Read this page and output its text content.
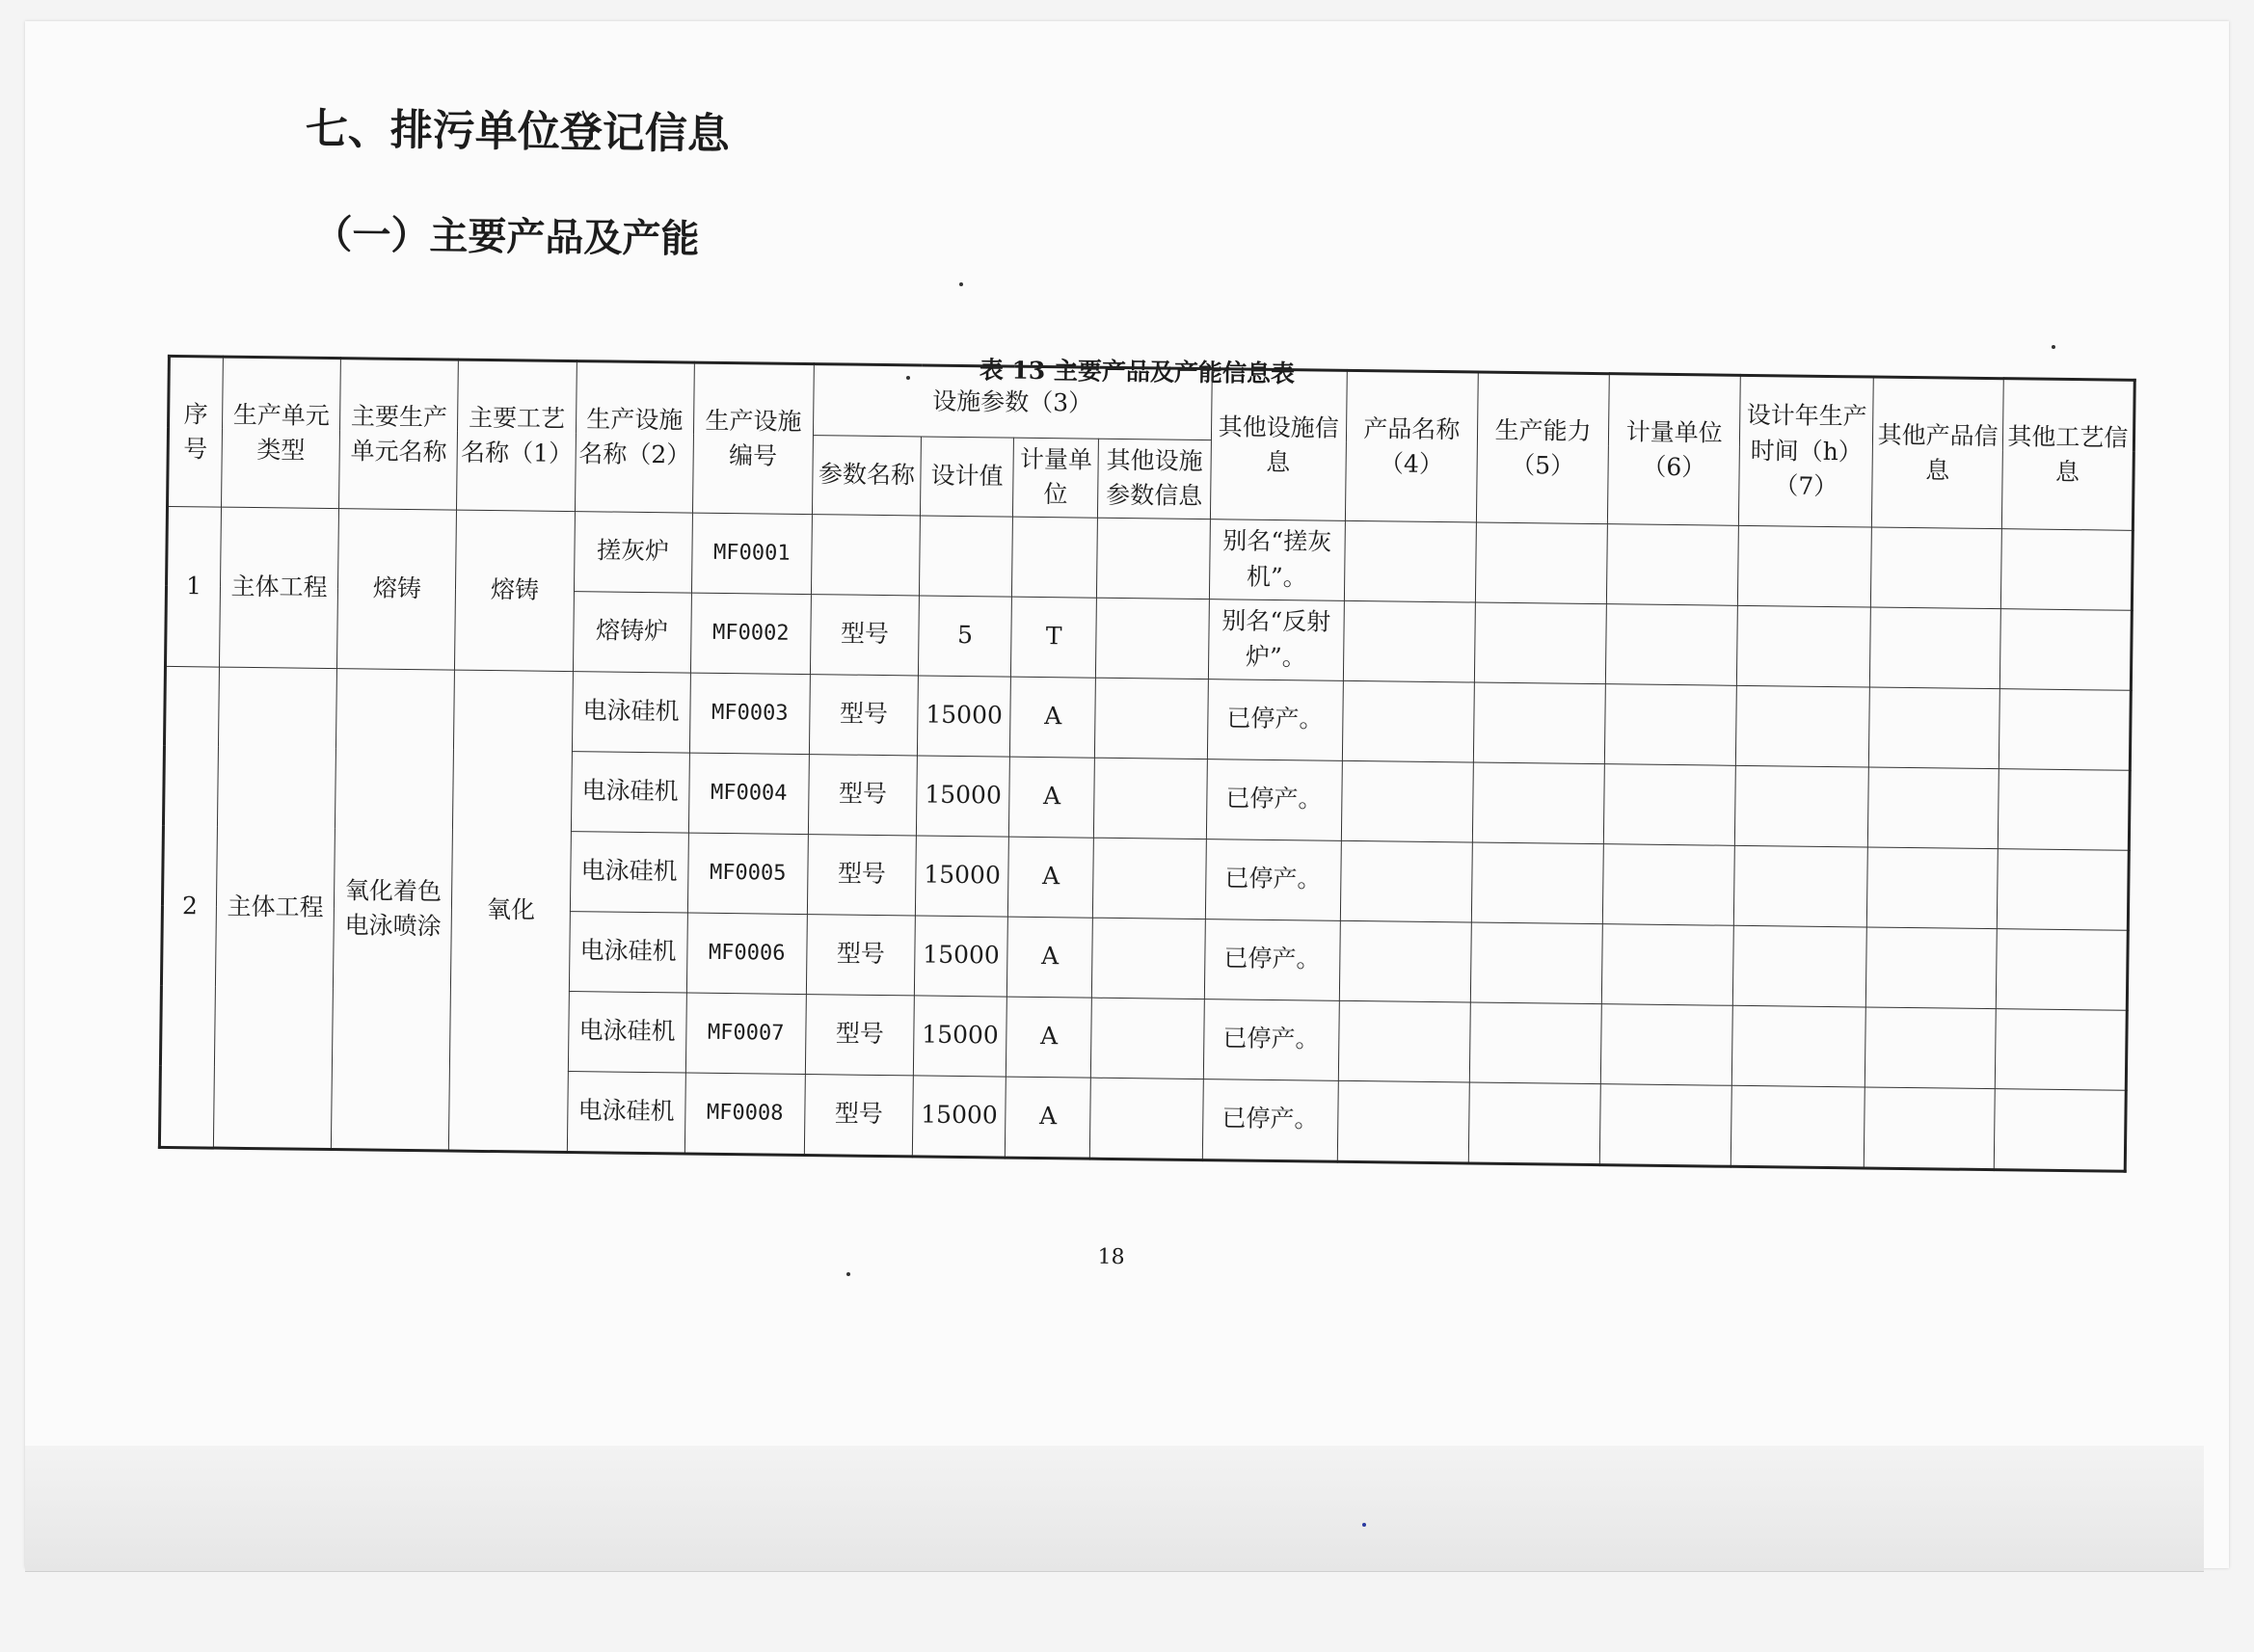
七、排污单位登记信息
（一）主要产品及产能
表 13 主要产品及产能信息表
序号	生产单元类型	主要生产单元名称	主要工艺名称（1）	生产设施名称（2）	生产设施编号	设施参数（3）				其他设施信息	产品名称（4）	生产能力（5）	计量单位（6）	设计年生产时间（h）（7）	其他产品信息	其他工艺信息
						参数名称	设计值	计量单位	其他设施参数信息							
1	主体工程	熔铸	熔铸	搓灰炉	MF0001					别名“搓灰机”。						
				熔铸炉	MF0002	型号	5	T		别名“反射炉”。						
2	主体工程	氧化着色电泳喷涂	氧化	电泳硅机	MF0003	型号	15000	A		已停产。						
				电泳硅机	MF0004	型号	15000	A		已停产。						
				电泳硅机	MF0005	型号	15000	A		已停产。						
				电泳硅机	MF0006	型号	15000	A		已停产。						
				电泳硅机	MF0007	型号	15000	A		已停产。						
				电泳硅机	MF0008	型号	15000	A		已停产。						
18
